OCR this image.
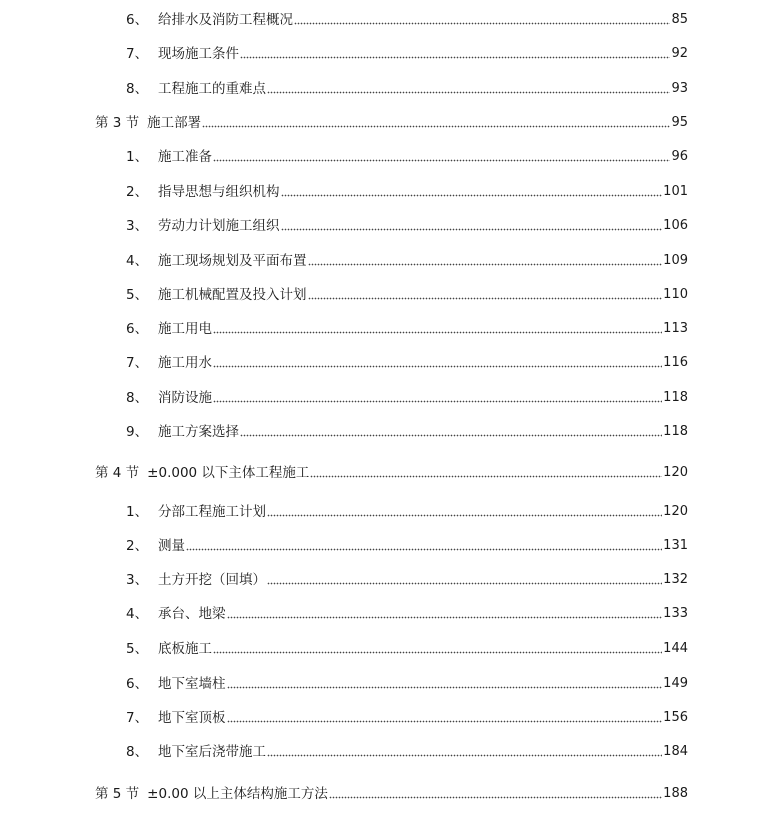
6、 给排水及消防工程概况	85
7、 现场施工条件	92
8、 工程施工的重难点	93
第 3 节 施工部署	95
1、 施工准备	96
2、 指导思想与组织机构	101
3、 劳动力计划施工组织	106
4、 施工现场规划及平面布置	109
5、 施工机械配置及投入计划	110
6、 施工用电	113
7、 施工用水	116
8、 消防设施	118
9、 施工方案选择	118
第 4 节 ±0.000 以下主体工程施工	120
1、 分部工程施工计划	120
2、 测量	131
3、 土方开挖（回填）	132
4、 承台、地梁	133
5、 底板施工	144
6、 地下室墙柱	149
7、 地下室顶板	156
8、 地下室后浇带施工	184
第 5 节 ±0.00 以上主体结构施工方法	188
